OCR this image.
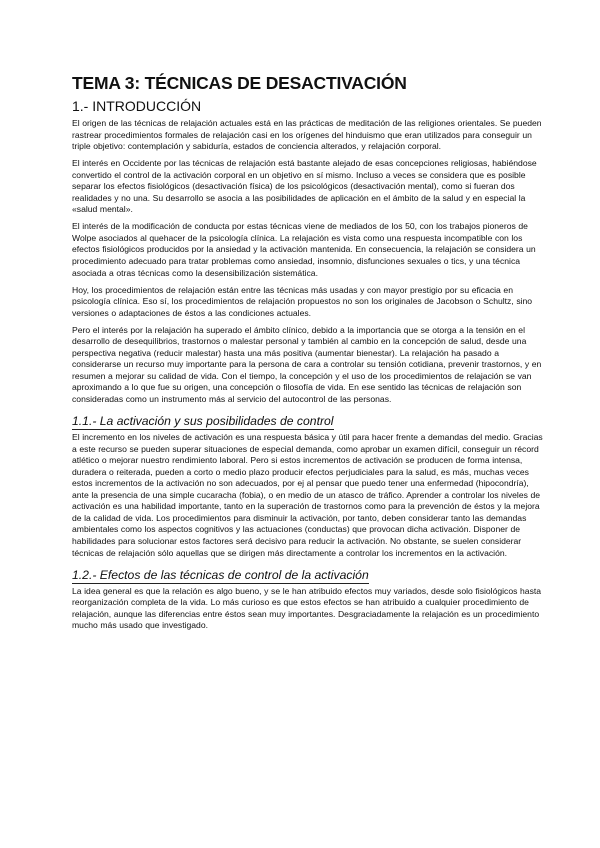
TEMA 3: TÉCNICAS DE DESACTIVACIÓN
1.- INTRODUCCIÓN

El origen de las técnicas de relajación actuales está en las prácticas de meditación de las religiones orientales. Se pueden rastrear procedimientos formales de relajación casi en los orígenes del hinduismo que eran utilizados para conseguir un triple objetivo: contemplación y sabiduría, estados de conciencia alterados, y relajación corporal.

El interés en Occidente por las técnicas de relajación está bastante alejado de esas concepciones religiosas, habiéndose convertido el control de la activación corporal en un objetivo en sí mismo. Incluso a veces se considera que es posible separar los efectos fisiológicos (desactivación física) de los psicológicos (desactivación mental), como si fueran dos realidades y no una. Su desarrollo se asocia a las posibilidades de aplicación en el ámbito de la salud y en especial la «salud mental».

El interés de la modificación de conducta por estas técnicas viene de mediados de los 50, con los trabajos pioneros de Wolpe asociados al quehacer de la psicología clínica. La relajación es vista como una respuesta incompatible con los efectos fisiológicos producidos por la ansiedad y la activación mantenida. En consecuencia, la relajación se considera un procedimiento adecuado para tratar problemas como ansiedad, insomnio, disfunciones sexuales o tics, y una técnica asociada a otras técnicas como la desensibilización sistemática.

Hoy, los procedimientos de relajación están entre las técnicas más usadas y con mayor prestigio por su eficacia en psicología clínica. Eso sí, los procedimientos de relajación propuestos no son los originales de Jacobson o Schultz, sino versiones o adaptaciones de éstos a las condiciones actuales.

Pero el interés por la relajación ha superado el ámbito clínico, debido a la importancia que se otorga a la tensión en el desarrollo de desequilibrios, trastornos o malestar personal y también al cambio en la concepción de salud, desde una perspectiva negativa (reducir malestar) hasta una más positiva (aumentar bienestar). La relajación ha pasado a considerarse un recurso muy importante para la persona de cara a controlar su tensión cotidiana, prevenir trastornos, y en resumen a mejorar su calidad de vida. Con el tiempo, la concepción y el uso de los procedimientos de relajación se van aproximando a lo que fue su origen, una concepción o filosofía de vida. En ese sentido las técnicas de relajación son consideradas como un instrumento más al servicio del autocontrol de las personas.

1.1.- La activación y sus posibilidades de control

El incremento en los niveles de activación es una respuesta básica y útil para hacer frente a demandas del medio. Gracias a este recurso se pueden superar situaciones de especial demanda, como aprobar un examen difícil, conseguir un récord atlético o mejorar nuestro rendimiento laboral. Pero si estos incrementos de activación se producen de forma intensa, duradera o reiterada, pueden a corto o medio plazo producir efectos perjudiciales para la salud, es más, muchas veces estos incrementos de la activación no son adecuados, por ej al pensar que puedo tener una enfermedad (hipocondría), ante la presencia de una simple cucaracha (fobia), o en medio de un atasco de tráfico. Aprender a controlar los niveles de activación es una habilidad importante, tanto en la superación de trastornos como para la prevención de éstos y la mejora de la calidad de vida. Los procedimientos para disminuir la activación, por tanto, deben considerar tanto las demandas ambientales como los aspectos cognitivos y las actuaciones (conductas) que provocan dicha activación. Disponer de habilidades para solucionar estos factores será decisivo para reducir la activación. No obstante, se suelen considerar técnicas de relajación sólo aquellas que se dirigen más directamente a controlar los incrementos en la activación.

1.2.- Efectos de las técnicas de control de la activación

La idea general es que la relación es algo bueno, y se le han atribuido efectos muy variados, desde solo fisiológicos hasta reorganización completa de la vida. Lo más curioso es que estos efectos se han atribuido a cualquier procedimiento de relajación, aunque las diferencias entre éstos sean muy importantes. Desgraciadamente la relajación es un procedimiento mucho más usado que investigado.
